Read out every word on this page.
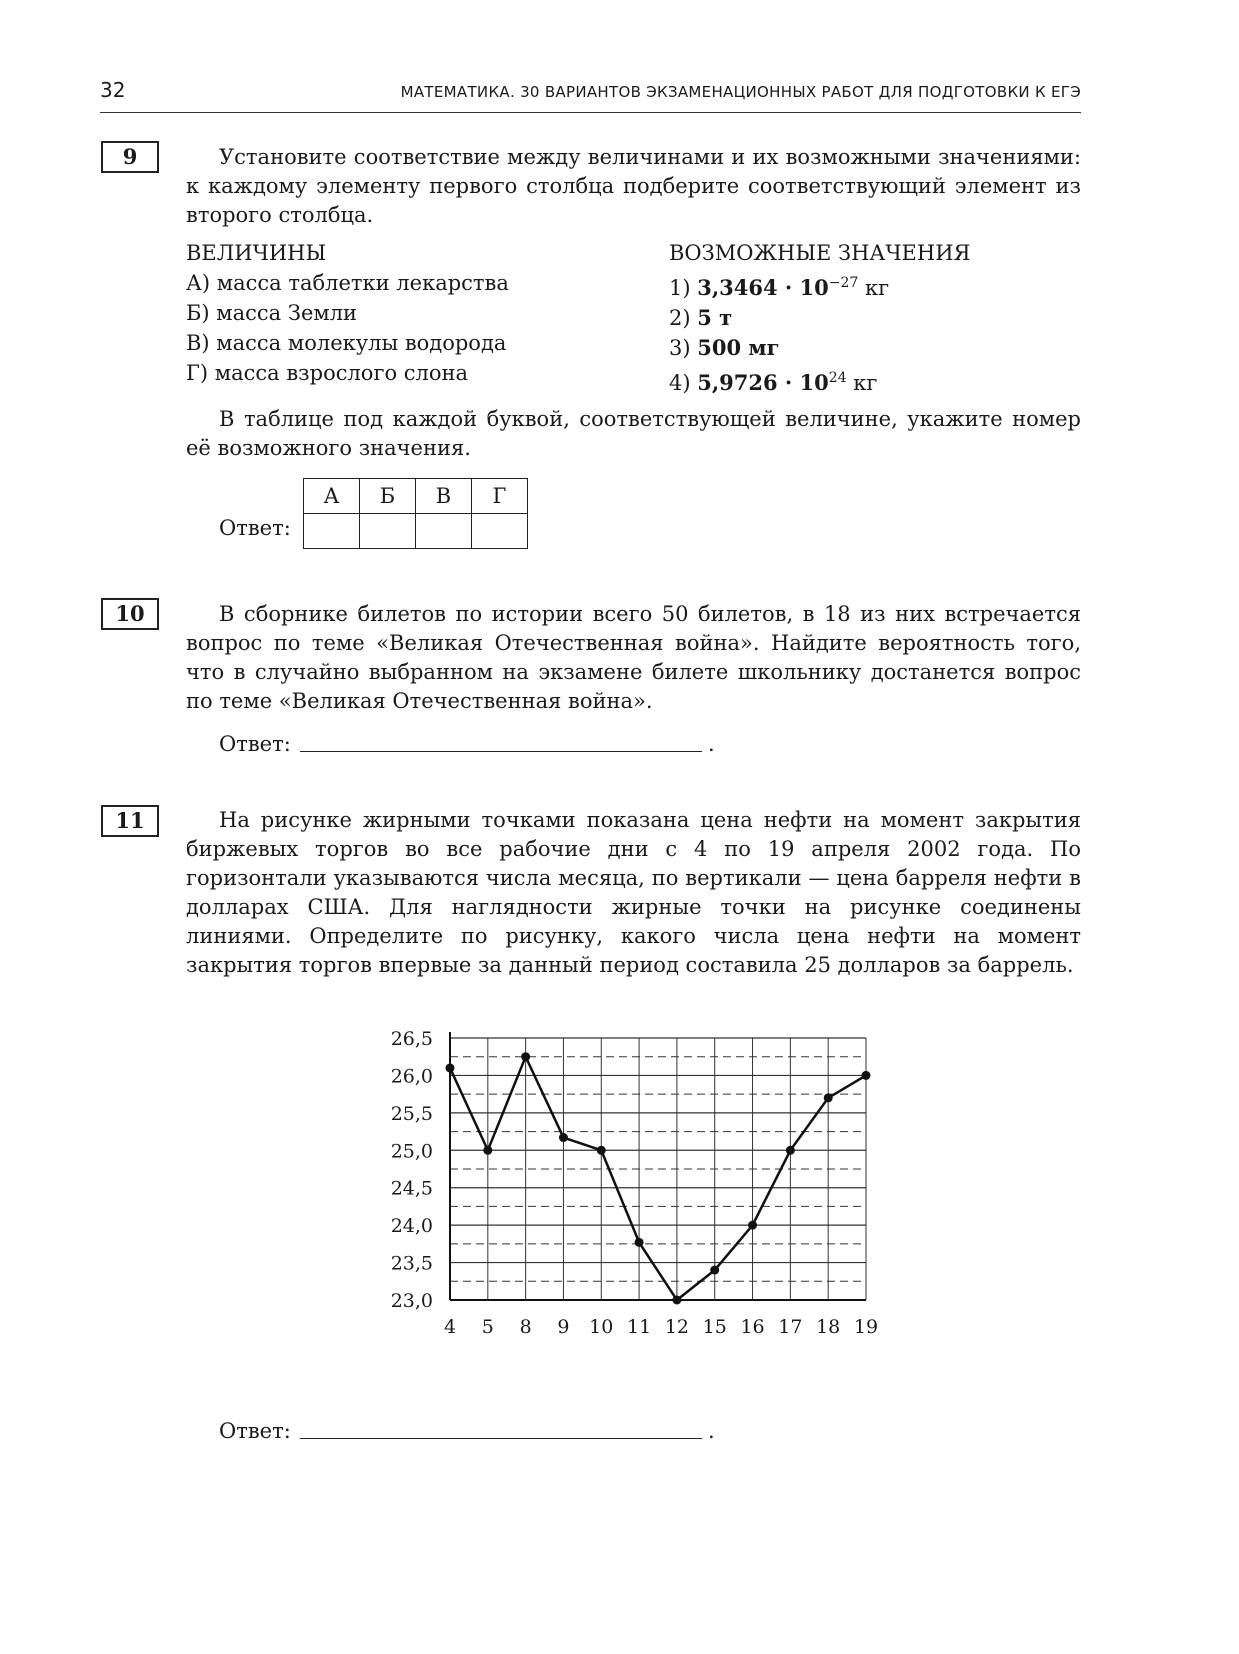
32	МАТЕМАТИКА. 30 ВАРИАНТОВ ЭКЗАМЕНАЦИОННЫХ РАБОТ ДЛЯ ПОДГОТОВКИ К ЕГЭ
9	Установите соответствие между величинами и их возможными значениями: к каждому элементу первого столбца подберите соответствующий элемент из второго столбца.
ВЕЛИЧИНЫ
А) масса таблетки лекарства
Б) масса Земли
В) масса молекулы водорода
Г) масса взрослого слона
ВОЗМОЖНЫЕ ЗНАЧЕНИЯ
1) $3,3464 \cdot 10^{-27}$ кг
2) 5 т
3) 500 мг
4) $5,9726 \cdot 10^{24}$ кг
В таблице под каждой буквой, соответствующей величине, укажите номер её возможного значения.
Ответ:
А	Б	В	Г

10	В сборнике билетов по истории всего 50 билетов, в 18 из них встречается вопрос по теме «Великая Отечественная война». Найдите вероятность того, что в случайно выбранном на экзамене билете школьнику достанется вопрос по теме «Великая Отечественная война».
Ответ:	.
11	На рисунке жирными точками показана цена нефти на момент закрытия биржевых торгов во все рабочие дни с 4 по 19 апреля 2002 года. По горизонтали указываются числа месяца, по вертикали — цена барреля нефти в долларах США. Для наглядности жирные точки на рисунке соединены линиями. Определите по рисунку, какого числа цена нефти на момент закрытия торгов впервые за данный период составила 25 долларов за баррель.
23,0
23,5
24,0
24,5
25,0
25,5
26,0
26,5
4 5 8 9 10 11 12 15 16 17 18 19
Ответ:	.
